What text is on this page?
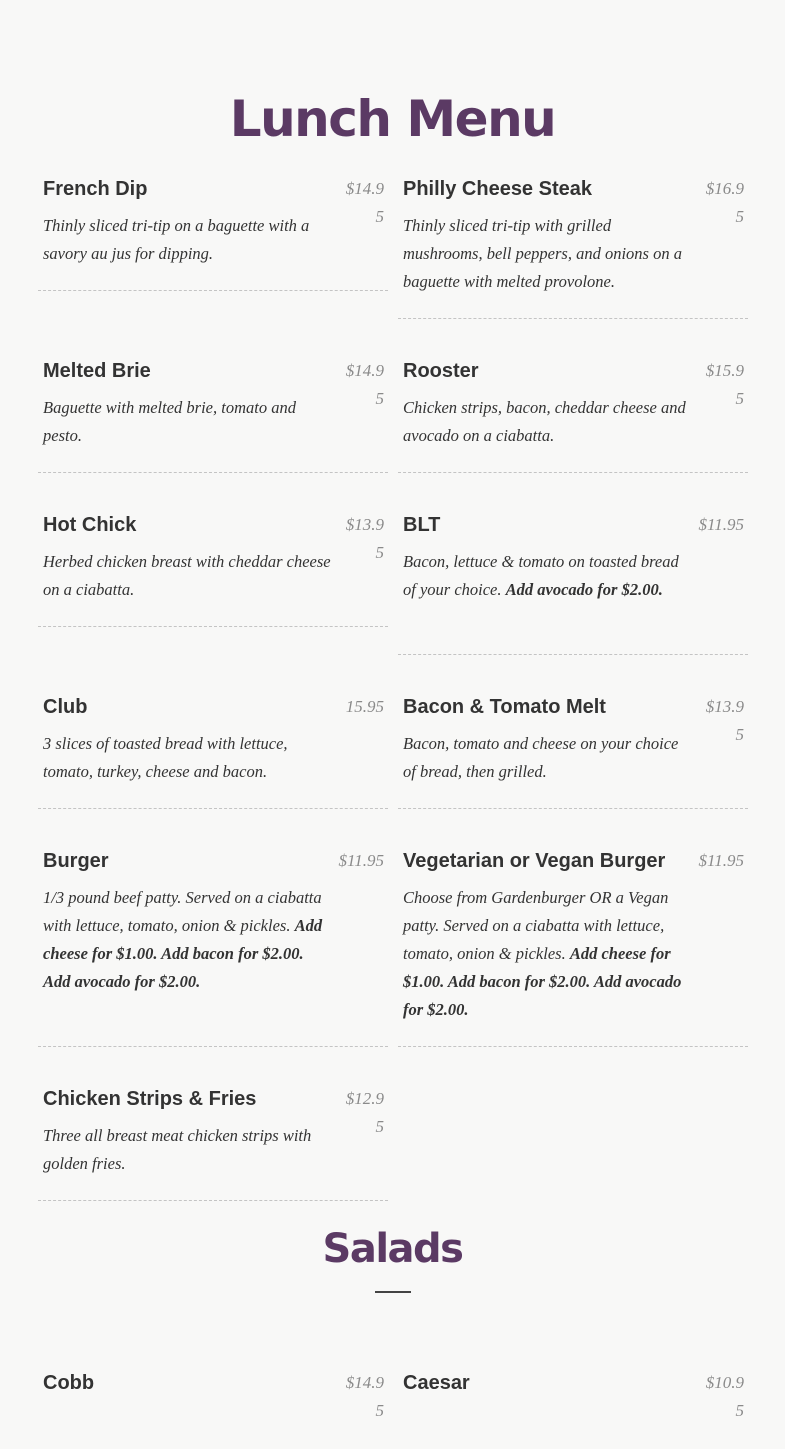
Lunch Menu
French Dip	$14.95
Thinly sliced tri-tip on a baguette with a savory au jus for dipping.
Philly Cheese Steak	$16.95
Thinly sliced tri-tip with grilled mushrooms, bell peppers, and onions on a baguette with melted provolone.
Melted Brie	$14.95
Baguette with melted brie, tomato and pesto.
Rooster	$15.95
Chicken strips, bacon, cheddar cheese and avocado on a ciabatta.
Hot Chick	$13.95
Herbed chicken breast with cheddar cheese on a ciabatta.
BLT	$11.95
Bacon, lettuce & tomato on toasted bread of your choice. Add avocado for $2.00.
Club	15.95
3 slices of toasted bread with lettuce, tomato, turkey, cheese and bacon.
Bacon & Tomato Melt	$13.95
Bacon, tomato and cheese on your choice of bread, then grilled.
Burger	$11.95
1/3 pound beef patty. Served on a ciabatta with lettuce, tomato, onion & pickles. Add cheese for $1.00. Add bacon for $2.00. Add avocado for $2.00.
Vegetarian or Vegan Burger	$11.95
Choose from Gardenburger OR a Vegan patty. Served on a ciabatta with lettuce, tomato, onion & pickles. Add cheese for $1.00. Add bacon for $2.00. Add avocado for $2.00.
Chicken Strips & Fries	$12.95
Three all breast meat chicken strips with golden fries.
Salads
Cobb	$14.95
Caesar	$10.95
